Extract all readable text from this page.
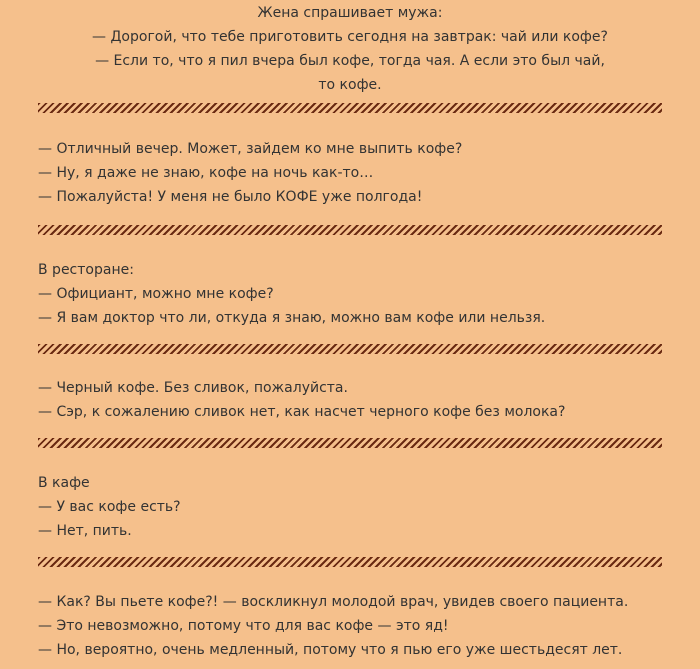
Жена спрашивает мужа:
— Дорогой, что тебе приготовить сегодня на завтрак: чай или кофе?
— Если то, что я пил вчера был кофе, тогда чая. А если это был чай,
то кофе.
— Отличный вечер. Может, зайдем ко мне выпить кофе?
— Ну, я даже не знаю, кофе на ночь как-то…
— Пожалуйста! У меня не было КОФЕ уже полгода!
В ресторане:
— Официант, можно мне кофе?
— Я вам доктор что ли, откуда я знаю, можно вам кофе или нельзя.
— Черный кофе. Без сливок, пожалуйста.
— Сэр, к сожалению сливок нет, как насчет черного кофе без молока?
В кафе
— У вас кофе есть?
— Нет, пить.
— Как? Вы пьете кофе?! — воскликнул молодой врач, увидев своего пациента.
— Это невозможно, потому что для вас кофе — это яд!
— Но, вероятно, очень медленный, потому что я пью его уже шестьдесят лет.
